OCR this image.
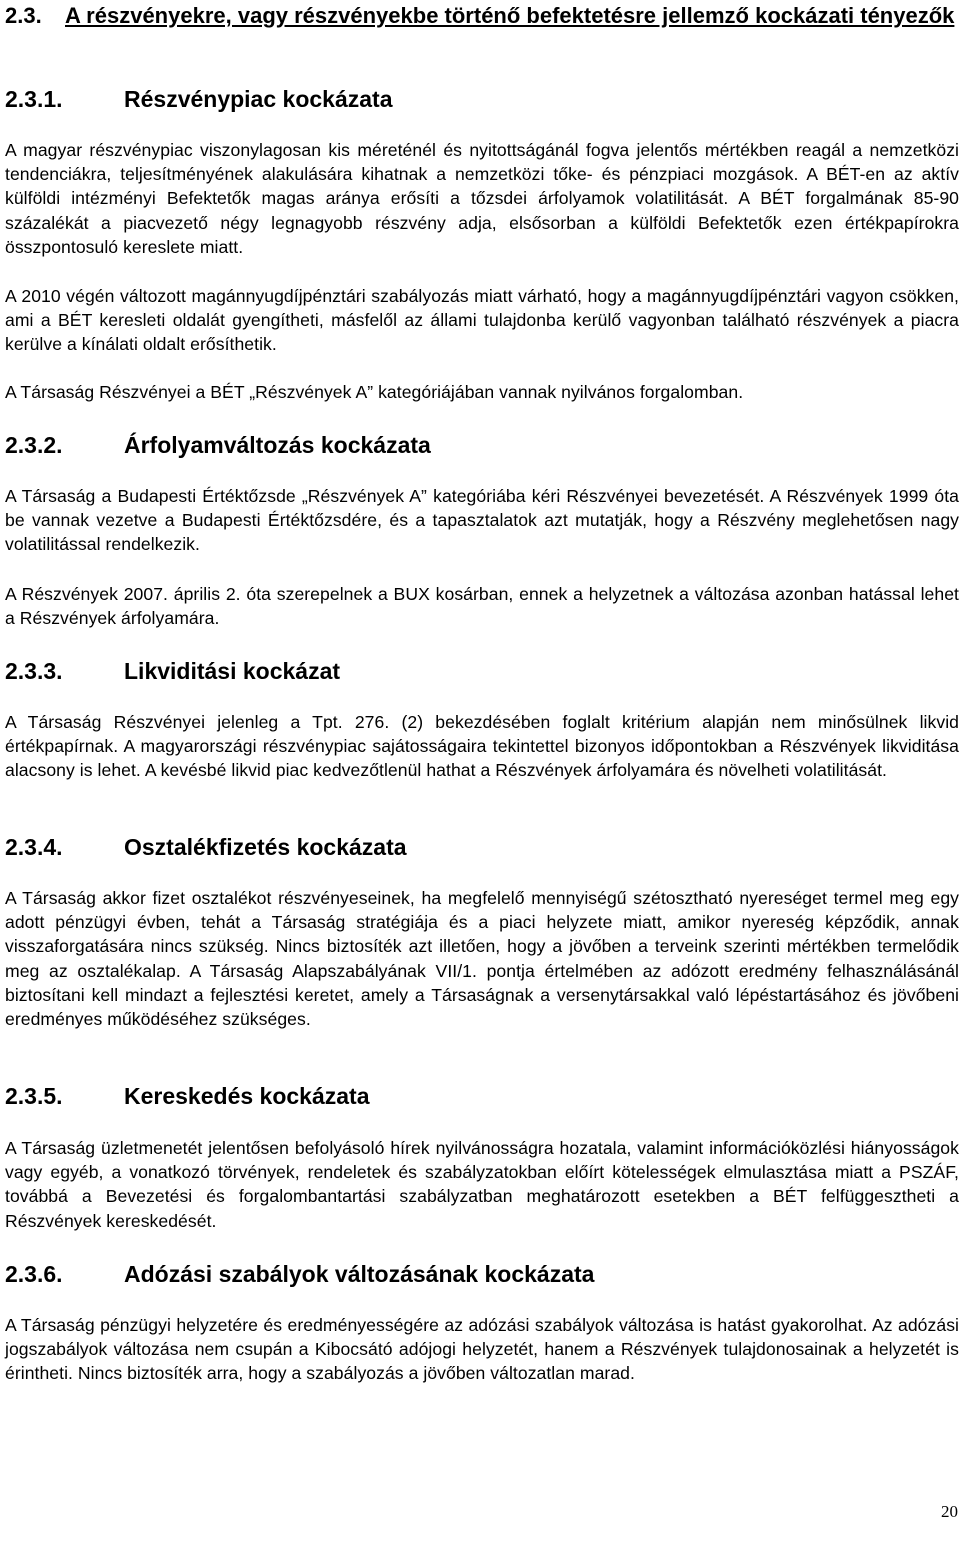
2.3.	A részvényekre, vagy részvényekbe történő befektetésre jellemző kockázati tényezők
2.3.1.	Részvénypiac kockázata

A magyar részvénypiac viszonylagosan kis méreténél és nyitottságánál fogva jelentős mértékben reagál a nemzetközi tendenciákra, teljesítményének alakulására kihatnak a nemzetközi tőke- és pénzpiaci mozgások. A BÉT-en az aktív külföldi intézményi Befektetők magas aránya erősíti a tőzsdei árfolyamok volatilitását. A BÉT forgalmának 85-90 százalékát a piacvezető négy legnagyobb részvény adja, elsősorban a külföldi Befektetők ezen értékpapírokra összpontosuló kereslete miatt.

A 2010 végén változott magánnyugdíjpénztári szabályozás miatt várható, hogy a magánnyugdíjpénztári vagyon csökken, ami a BÉT keresleti oldalát gyengítheti, másfelől az állami tulajdonba kerülő vagyonban található részvények a piacra kerülve a kínálati oldalt erősíthetik.

A Társaság Részvényei a BÉT „Részvények A” kategóriájában vannak nyilvános forgalomban.

2.3.2.	Árfolyamváltozás kockázata

A Társaság a Budapesti Értéktőzsde „Részvények A” kategóriába kéri Részvényei bevezetését. A Részvények 1999 óta be vannak vezetve a Budapesti Értéktőzsdére, és a tapasztalatok azt mutatják, hogy a Részvény meglehetősen nagy volatilitással rendelkezik.

A Részvények 2007. április 2. óta szerepelnek a BUX kosárban, ennek a helyzetnek a változása azonban hatással lehet a Részvények árfolyamára.

2.3.3.	Likviditási kockázat

A Társaság Részvényei jelenleg a Tpt. 276. (2) bekezdésében foglalt kritérium alapján nem minősülnek likvid értékpapírnak. A magyarországi részvénypiac sajátosságaira tekintettel bizonyos időpontokban a Részvények likviditása alacsony is lehet. A kevésbé likvid piac kedvezőtlenül hathat a Részvények árfolyamára és növelheti volatilitását.

2.3.4.	Osztalékfizetés kockázata

A Társaság akkor fizet osztalékot részvényeseinek, ha megfelelő mennyiségű szétosztható nyereséget termel meg egy adott pénzügyi évben, tehát a Társaság stratégiája és a piaci helyzete miatt, amikor nyereség képződik, annak visszaforgatására nincs szükség. Nincs biztosíték azt illetően, hogy a jövőben a terveink szerinti mértékben termelődik meg az osztalékalap. A Társaság Alapszabályának VII/1. pontja értelmében az adózott eredmény felhasználásánál biztosítani kell mindazt a fejlesztési keretet, amely a Társaságnak a versenytársakkal való lépéstartásához és jövőbeni eredményes működéséhez szükséges.

2.3.5.	Kereskedés kockázata

A Társaság üzletmenetét jelentősen befolyásoló hírek nyilvánosságra hozatala, valamint információközlési hiányosságok vagy egyéb, a vonatkozó törvények, rendeletek és szabályzatokban előírt kötelességek elmulasztása miatt a PSZÁF, továbbá a Bevezetési és forgalombantartási szabályzatban meghatározott esetekben a BÉT felfüggesztheti a Részvények kereskedését.

2.3.6.	Adózási szabályok változásának kockázata

A Társaság pénzügyi helyzetére és eredményességére az adózási szabályok változása is hatást gyakorolhat. Az adózási jogszabályok változása nem csupán a Kibocsátó adójogi helyzetét, hanem a Részvények tulajdonosainak a helyzetét is érintheti. Nincs biztosíték arra, hogy a szabályozás a jövőben változatlan marad.

20
